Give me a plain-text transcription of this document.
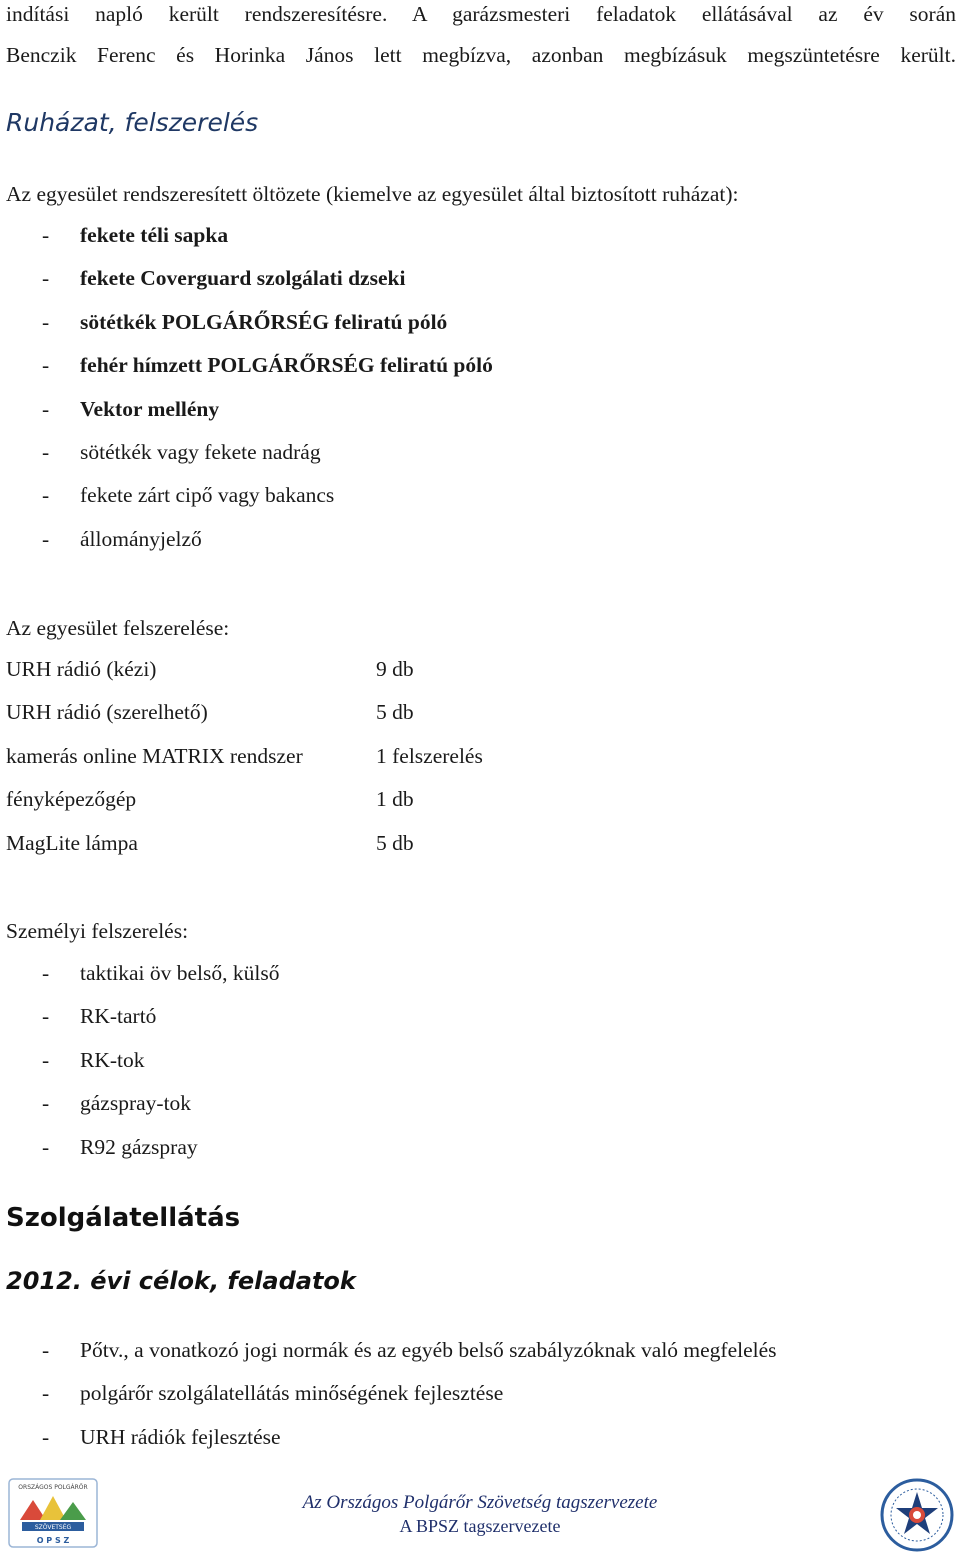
indítási napló került rendszeresítésre. A garázsmesteri feladatok ellátásával az év során
Benczik Ferenc és Horinka János lett megbízva, azonban megbízásuk megszüntetésre került.
Ruházat, felszerelés
Az egyesület rendszeresített öltözete (kiemelve az egyesület által biztosított ruházat):
- fekete téli sapka
- fekete Coverguard szolgálati dzseki
- sötétkék POLGÁRŐRSÉG feliratú póló
- fehér hímzett POLGÁRŐRSÉG feliratú póló
- Vektor mellény
- sötétkék vagy fekete nadrág
- fekete zárt cipő vagy bakancs
- állományjelző
Az egyesület felszerelése:
URH rádió (kézi)	9 db
URH rádió (szerelhető)	5 db
kamerás online MATRIX rendszer	1 felszerelés
fényképezőgép	1 db
MagLite lámpa	5 db
Személyi felszerelés:
- taktikai öv belső, külső
- RK-tartó
- RK-tok
- gázspray-tok
- R92 gázspray
Szolgálatellátás
2012. évi célok, feladatok
- Pőtv., a vonatkozó jogi normák és az egyéb belső szabályzóknak való megfelelés
- polgárőr szolgálatellátás minőségének fejlesztése
- URH rádiók fejlesztése
ORSZÁGOS POLGÁRŐR
SZÖVETSÉG
O P S Z
Az Országos Polgárőr Szövetség tagszervezete
A BPSZ tagszervezete
